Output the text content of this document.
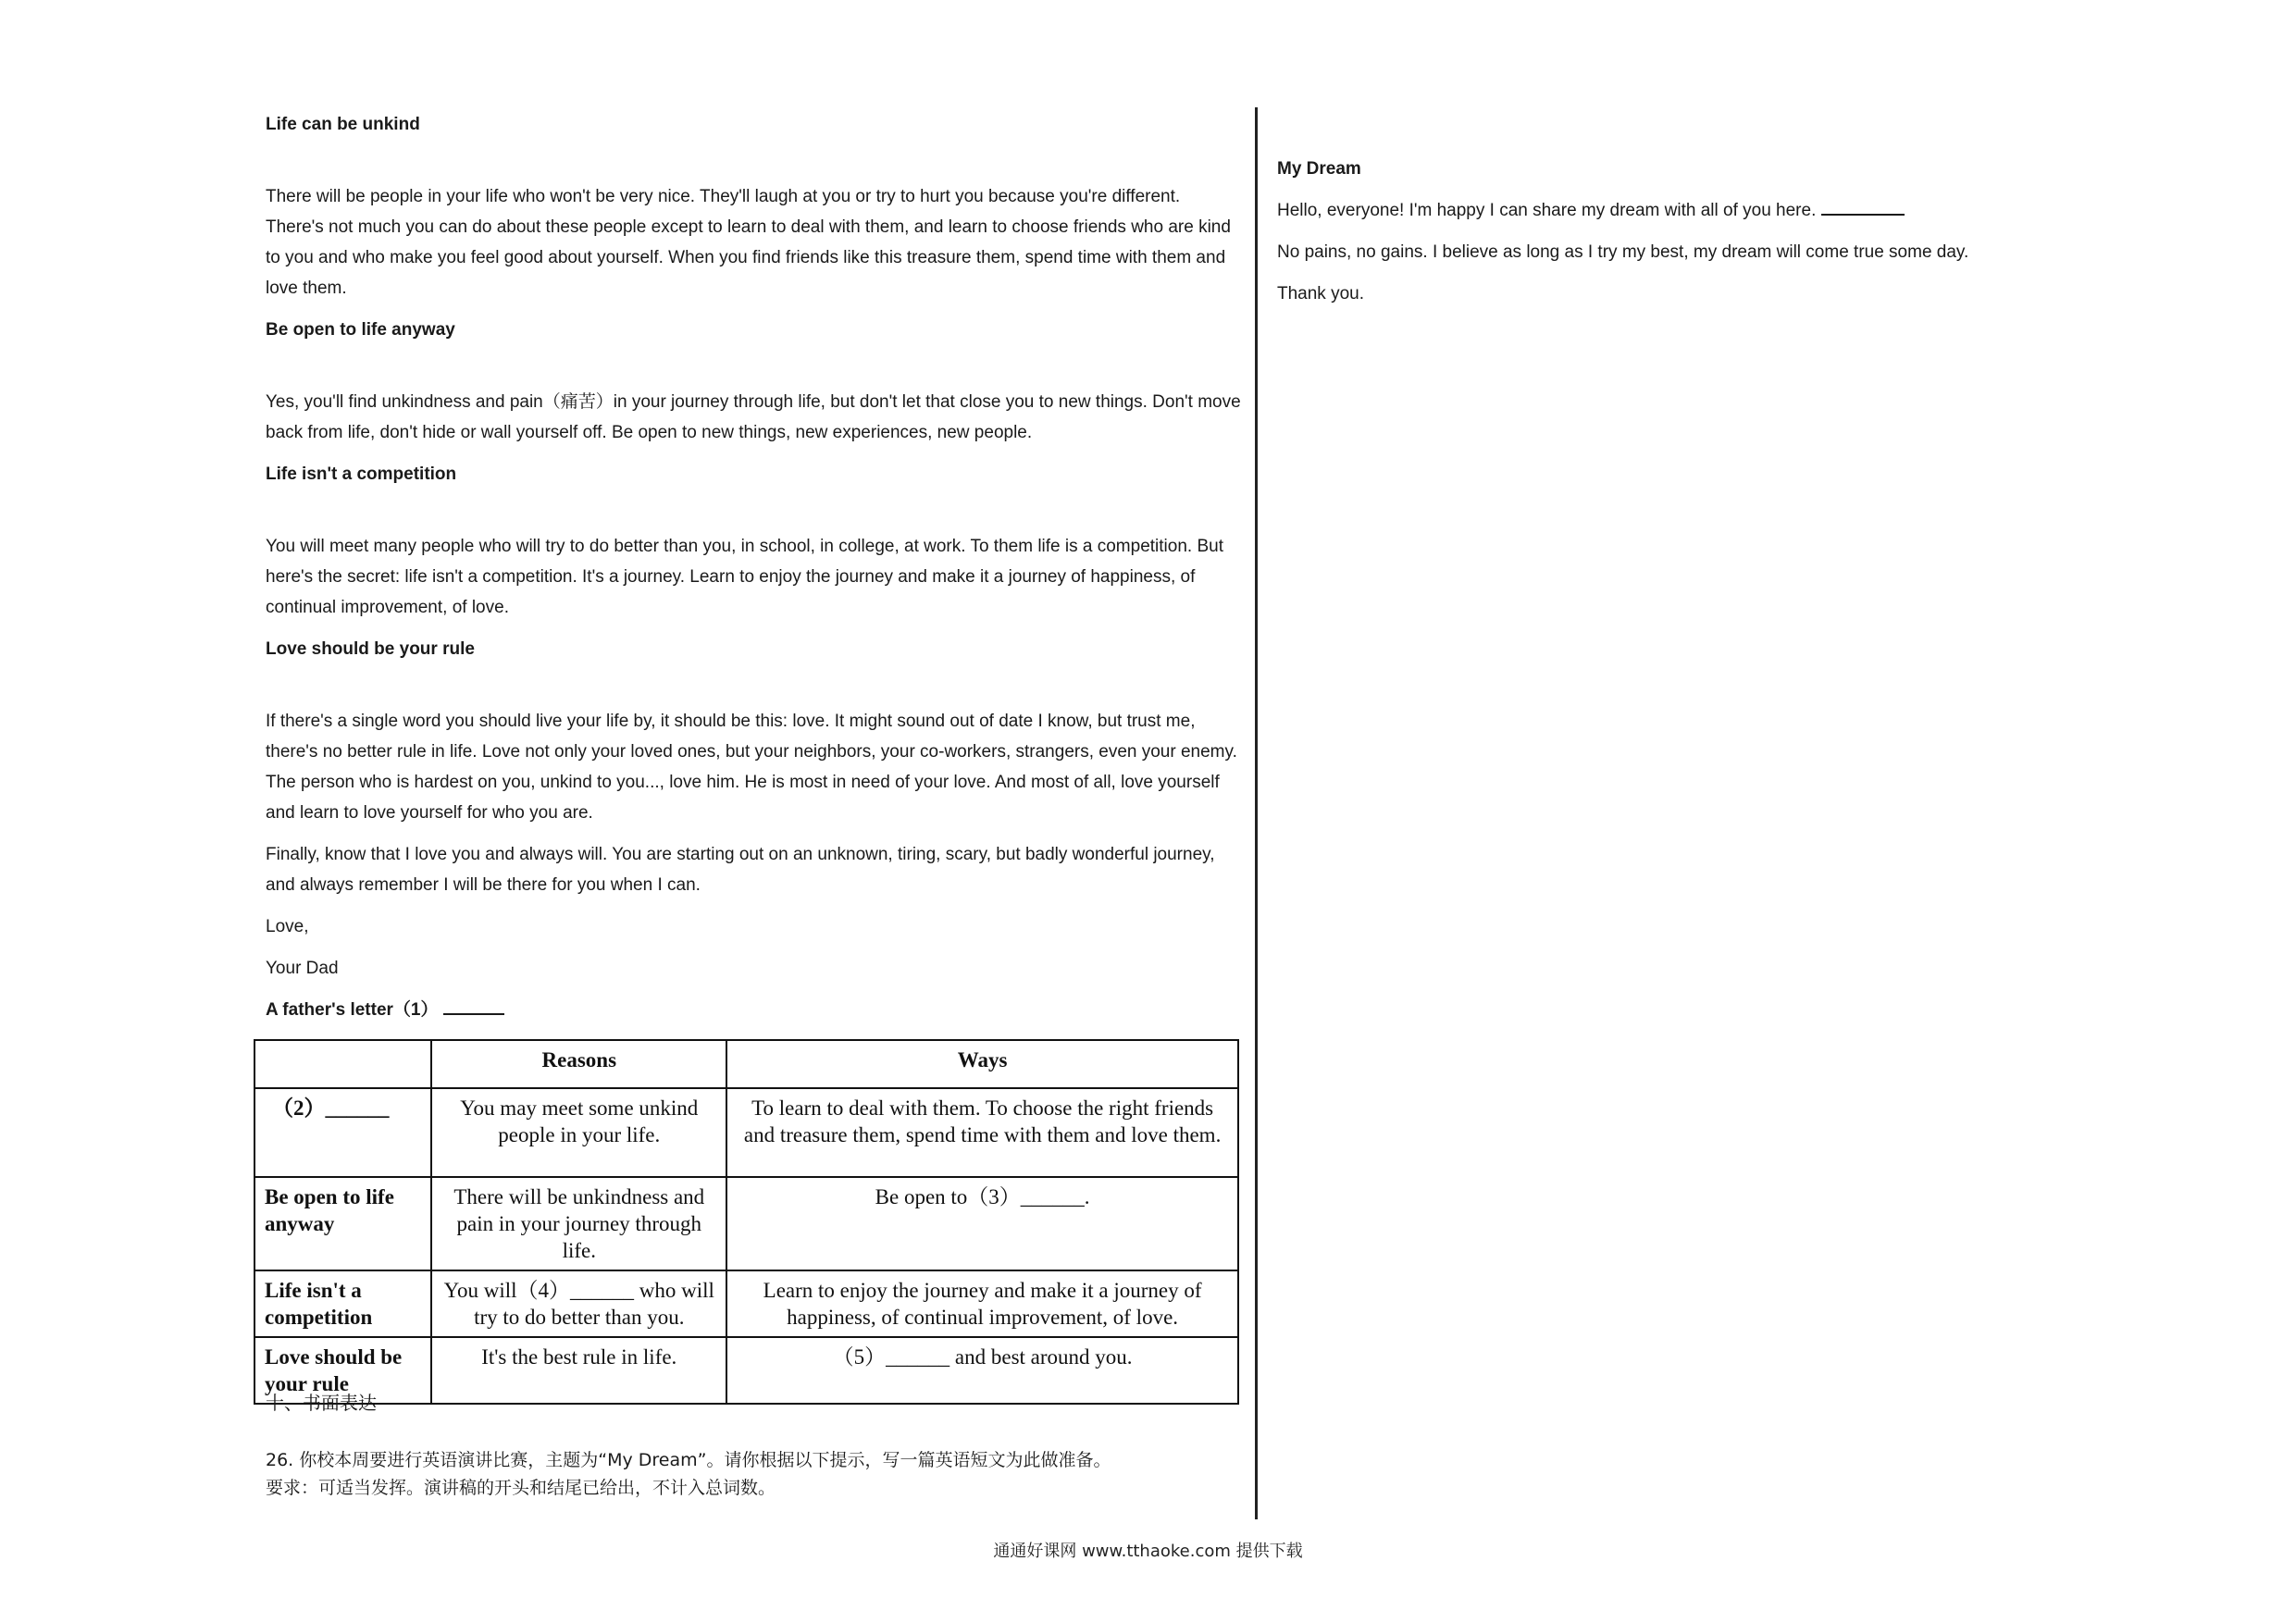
Life can be unkind

There will be people in your life who won't be very nice. They'll laugh at you or try to hurt you because you're different. There's not much you can do about these people except to learn to deal with them, and learn to choose friends who are kind to you and who make you feel good about yourself. When you find friends like this treasure them, spend time with them and love them.

Be open to life anyway

Yes, you'll find unkindness and pain（痛苦）in your journey through life, but don't let that close you to new things. Don't move back from life, don't hide or wall yourself off. Be open to new things, new experiences, new people.

Life isn't a competition

You will meet many people who will try to do better than you, in school, in college, at work. To them life is a competition. But here's the secret: life isn't a competition. It's a journey. Learn to enjoy the journey and make it a journey of happiness, of continual improvement, of love.

Love should be your rule

If there's a single word you should live your life by, it should be this: love. It might sound out of date I know, but trust me, there's no better rule in life. Love not only your loved ones, but your neighbors, your co-workers, strangers, even your enemy. The person who is hardest on you, unkind to you..., love him. He is most in need of your love. And most of all, love yourself and learn to love yourself for who you are.

Finally, know that I love you and always will. You are starting out on an unknown, tiring, scary, but badly wonderful journey, and always remember I will be there for you when I can.

Love,

Your Dad

A father's letter（1）

	Reasons	Ways
（2）______	You may meet some unkind people in your life.	To learn to deal with them. To choose the right friends and treasure them, spend time with them and love them.
Be open to life anyway	There will be unkindness and pain in your journey through life.	Be open to（3）______.
Life isn't a competition	You will（4）______ who will try to do better than you.	Learn to enjoy the journey and make it a journey of happiness, of continual improvement, of love.
Love should be your rule	It's the best rule in life.	（5）______ and best around you.

十、书面表达

26. 你校本周要进行英语演讲比赛，主题为“My Dream”。请你根据以下提示，写一篇英语短文为此做准备。

要求：可适当发挥。演讲稿的开头和结尾已给出，不计入总词数。

My Dream

Hello, everyone! I'm happy I can share my dream with all of you here.

No pains, no gains. I believe as long as I try my best, my dream will come true some day.

Thank you.

通通好课网 www.tthaoke.com 提供下载
